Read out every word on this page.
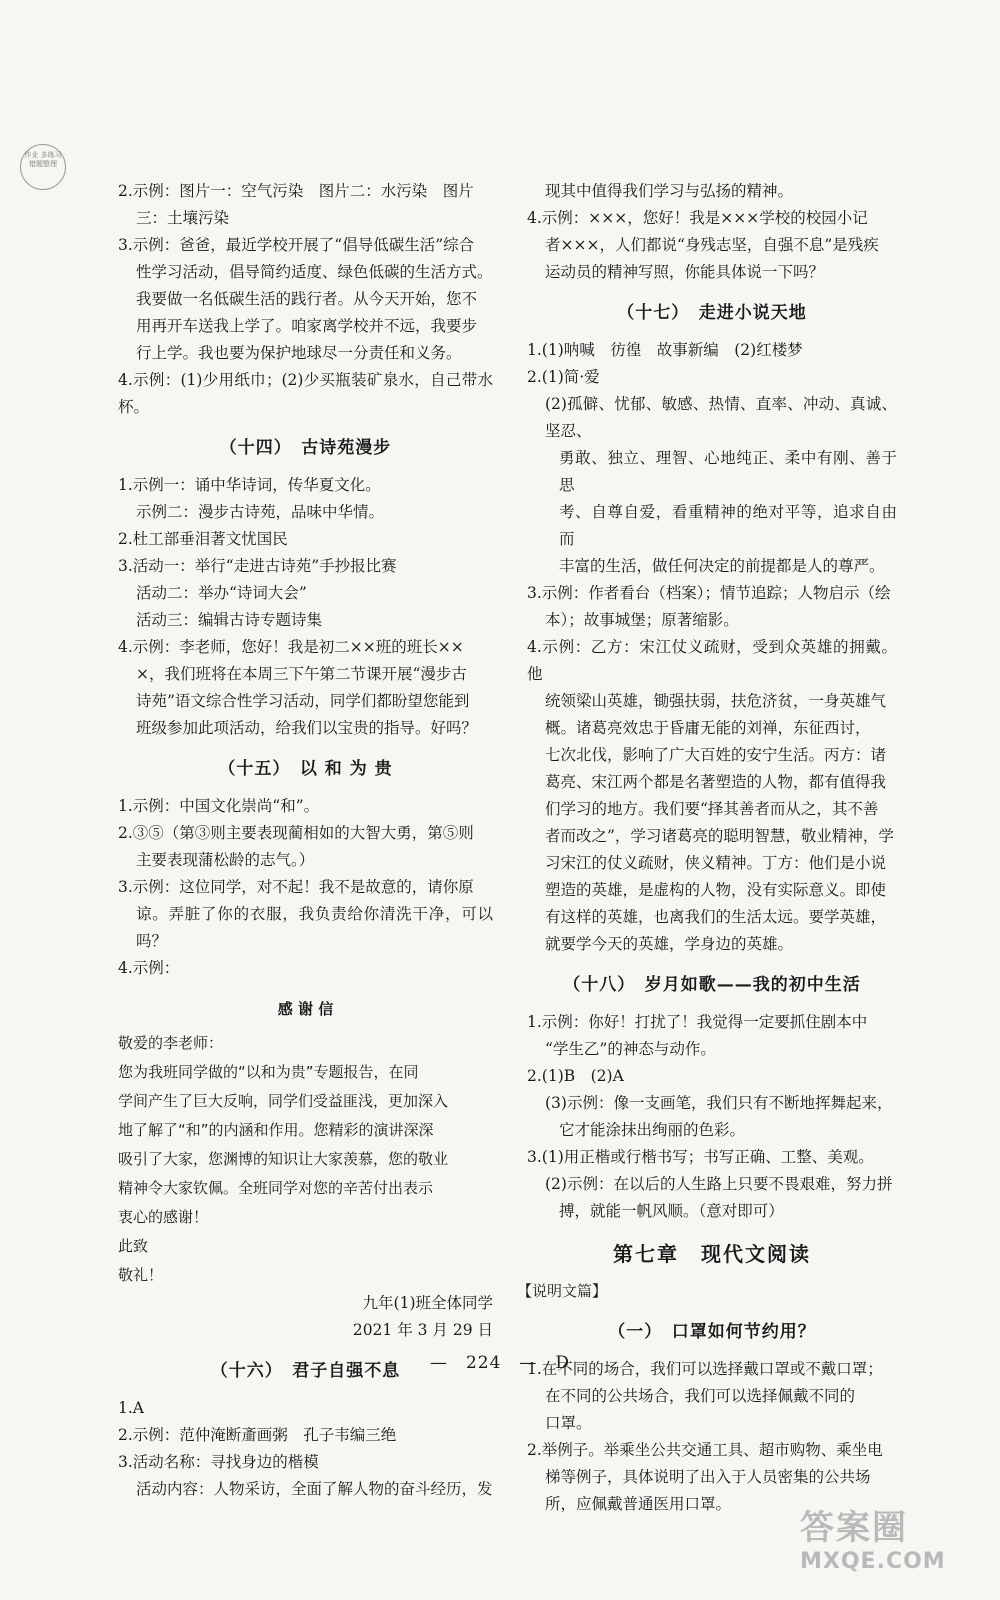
作业 多练习 错题整理
2.示例：图片一：空气污染　图片二：水污染　图片
三：土壤污染
3.示例：爸爸，最近学校开展了“倡导低碳生活”综合
性学习活动，倡导简约适度、绿色低碳的生活方式。
我要做一名低碳生活的践行者。从今天开始，您不
用再开车送我上学了。咱家离学校并不远，我要步
行上学。我也要为保护地球尽一分责任和义务。
4.示例：(1)少用纸巾；(2)少买瓶装矿泉水，自己带水杯。
（十四）　古诗苑漫步
1.示例一：诵中华诗词，传华夏文化。
示例二：漫步古诗苑，品味中华情。
2.杜工部垂泪著文忧国民
3.活动一：举行“走进古诗苑”手抄报比赛
活动二：举办“诗词大会”
活动三：编辑古诗专题诗集
4.示例：李老师，您好！我是初二××班的班长××
×，我们班将在本周三下午第二节课开展“漫步古
诗苑”语文综合性学习活动，同学们都盼望您能到
班级参加此项活动，给我们以宝贵的指导。好吗？
（十五）　以 和 为 贵
1.示例：中国文化崇尚“和”。
2.③⑤（第③则主要表现蔺相如的大智大勇，第⑤则
主要表现蒲松龄的志气。）
3.示例：这位同学，对不起！我不是故意的，请你原
谅。弄脏了你的衣服，我负责给你清洗干净，可以吗？
4.示例：
感 谢 信
敬爱的李老师：
您为我班同学做的“以和为贵”专题报告，在同
学间产生了巨大反响，同学们受益匪浅，更加深入
地了解了“和”的内涵和作用。您精彩的演讲深深
吸引了大家，您渊博的知识让大家羡慕，您的敬业
精神令大家钦佩。全班同学对您的辛苦付出表示
衷心的感谢！
此致
敬礼！
九年(1)班全体同学
2021 年 3 月 29 日
（十六）　君子自强不息
1.A
2.示例：范仲淹断齑画粥　孔子韦编三绝
3.活动名称：寻找身边的楷模
活动内容：人物采访，全面了解人物的奋斗经历，发
现其中值得我们学习与弘扬的精神。
4.示例：×××，您好！我是×××学校的校园小记
者×××，人们都说“身残志坚，自强不息”是残疾
运动员的精神写照，你能具体说一下吗？
（十七）　走进小说天地
1.(1)呐喊　彷徨　故事新编　(2)红楼梦
2.(1)简·爱
(2)孤僻、忧郁、敏感、热情、直率、冲动、真诚、坚忍、
勇敢、独立、理智、心地纯正、柔中有刚、善于思
考、自尊自爱，看重精神的绝对平等，追求自由而
丰富的生活，做任何决定的前提都是人的尊严。
3.示例：作者看台（档案）；情节追踪；人物启示（绘
本）；故事城堡；原著缩影。
4.示例：乙方：宋江仗义疏财，受到众英雄的拥戴。他
统领梁山英雄，锄强扶弱，扶危济贫，一身英雄气
概。诸葛亮效忠于昏庸无能的刘禅，东征西讨，
七次北伐，影响了广大百姓的安宁生活。丙方：诸
葛亮、宋江两个都是名著塑造的人物，都有值得我
们学习的地方。我们要“择其善者而从之，其不善
者而改之”，学习诸葛亮的聪明智慧，敬业精神，学
习宋江的仗义疏财，侠义精神。丁方：他们是小说
塑造的英雄，是虚构的人物，没有实际意义。即使
有这样的英雄，也离我们的生活太远。要学英雄，
就要学今天的英雄，学身边的英雄。
（十八）　岁月如歌——我的初中生活
1.示例：你好！打扰了！我觉得一定要抓住剧本中
“学生乙”的神态与动作。
2.(1)B　(2)A
(3)示例：像一支画笔，我们只有不断地挥舞起来，
它才能涂抹出绚丽的色彩。
3.(1)用正楷或行楷书写；书写正确、工整、美观。
(2)示例：在以后的人生路上只要不畏艰难，努力拼
搏，就能一帆风顺。（意对即可）
第七章　现代文阅读
【说明文篇】
（一）　口罩如何节约用？
1.在不同的场合，我们可以选择戴口罩或不戴口罩；
在不同的公共场合，我们可以选择佩戴不同的
口罩。
2.举例子。举乘坐公共交通工具、超市购物、乘坐电
梯等例子，具体说明了出入于人员密集的公共场
所，应佩戴普通医用口罩。
—　224　—　D
答案圈
MXQE.COM
